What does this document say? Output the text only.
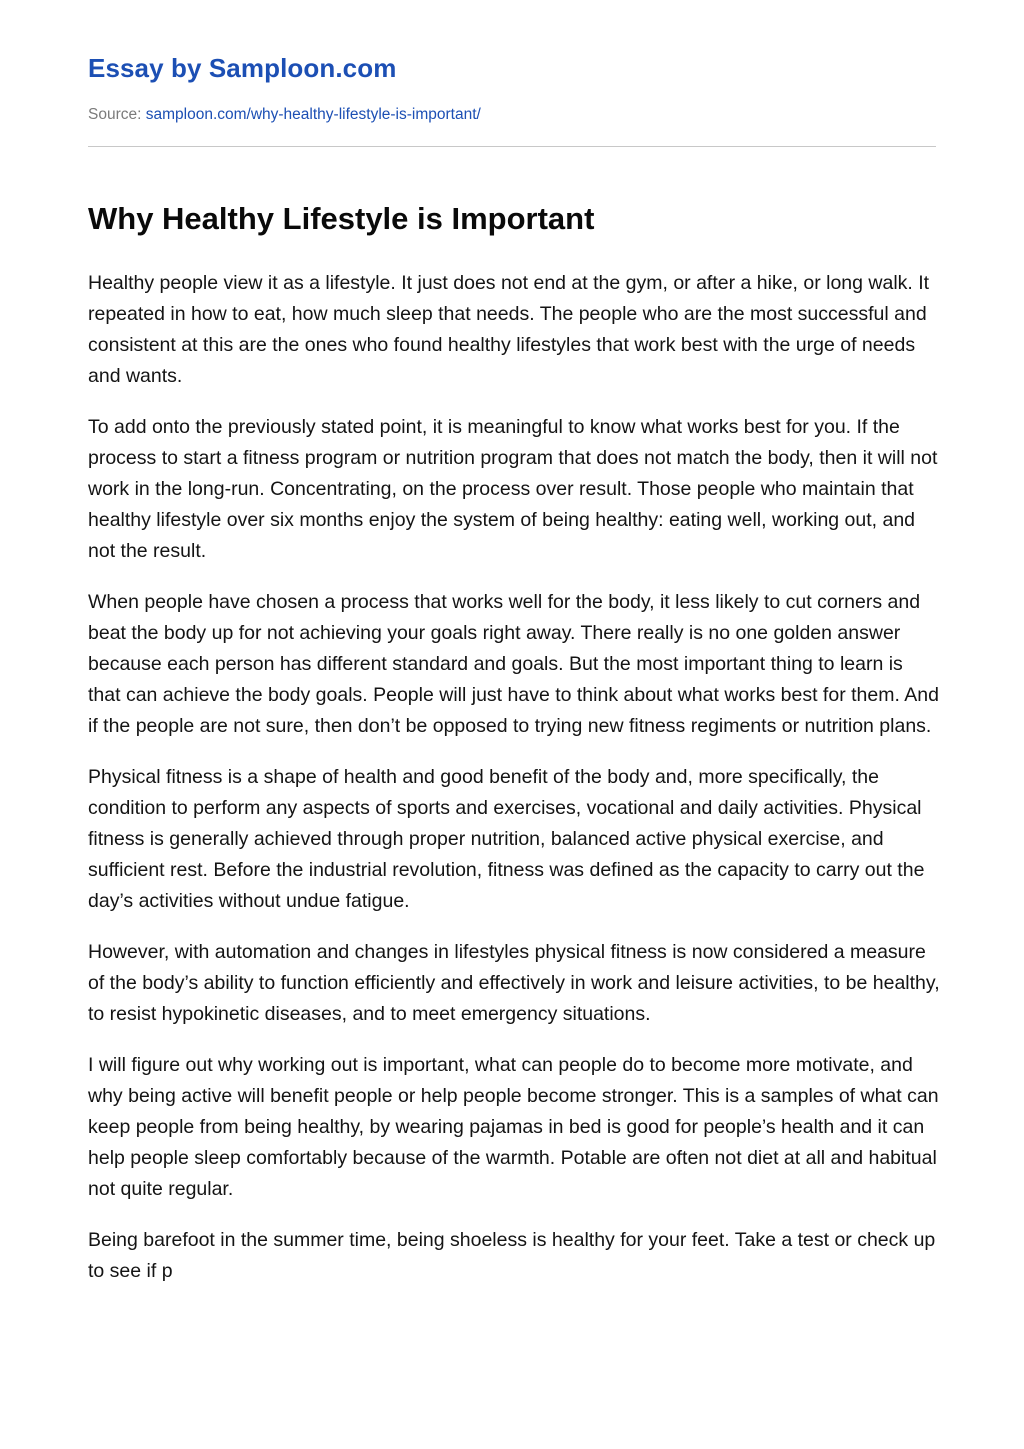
Essay by Samploon.com
Source: samploon.com/why-healthy-lifestyle-is-important/
Why Healthy Lifestyle is Important

Healthy people view it as a lifestyle. It just does not end at the gym, or after a hike, or long walk. It repeated in how to eat, how much sleep that needs. The people who are the most successful and consistent at this are the ones who found healthy lifestyles that work best with the urge of needs and wants.

To add onto the previously stated point, it is meaningful to know what works best for you. If the process to start a fitness program or nutrition program that does not match the body, then it will not work in the long-run. Concentrating, on the process over result. Those people who maintain that healthy lifestyle over six months enjoy the system of being healthy: eating well, working out, and not the result.

When people have chosen a process that works well for the body, it less likely to cut corners and beat the body up for not achieving your goals right away. There really is no one golden answer because each person has different standard and goals. But the most important thing to learn is that can achieve the body goals. People will just have to think about what works best for them. And if the people are not sure, then don’t be opposed to trying new fitness regiments or nutrition plans.

Physical fitness is a shape of health and good benefit of the body and, more specifically, the condition to perform any aspects of sports and exercises, vocational and daily activities. Physical fitness is generally achieved through proper nutrition, balanced active physical exercise, and sufficient rest. Before the industrial revolution, fitness was defined as the capacity to carry out the day’s activities without undue fatigue.

However, with automation and changes in lifestyles physical fitness is now considered a measure of the body’s ability to function efficiently and effectively in work and leisure activities, to be healthy, to resist hypokinetic diseases, and to meet emergency situations.

I will figure out why working out is important, what can people do to become more motivate, and why being active will benefit people or help people become stronger. This is a samples of what can keep people from being healthy, by wearing pajamas in bed is good for people’s health and it can help people sleep comfortably because of the warmth. Potable are often not diet at all and habitual not quite regular.

Being barefoot in the summer time, being shoeless is healthy for your feet. Take a test or check up to see if p
